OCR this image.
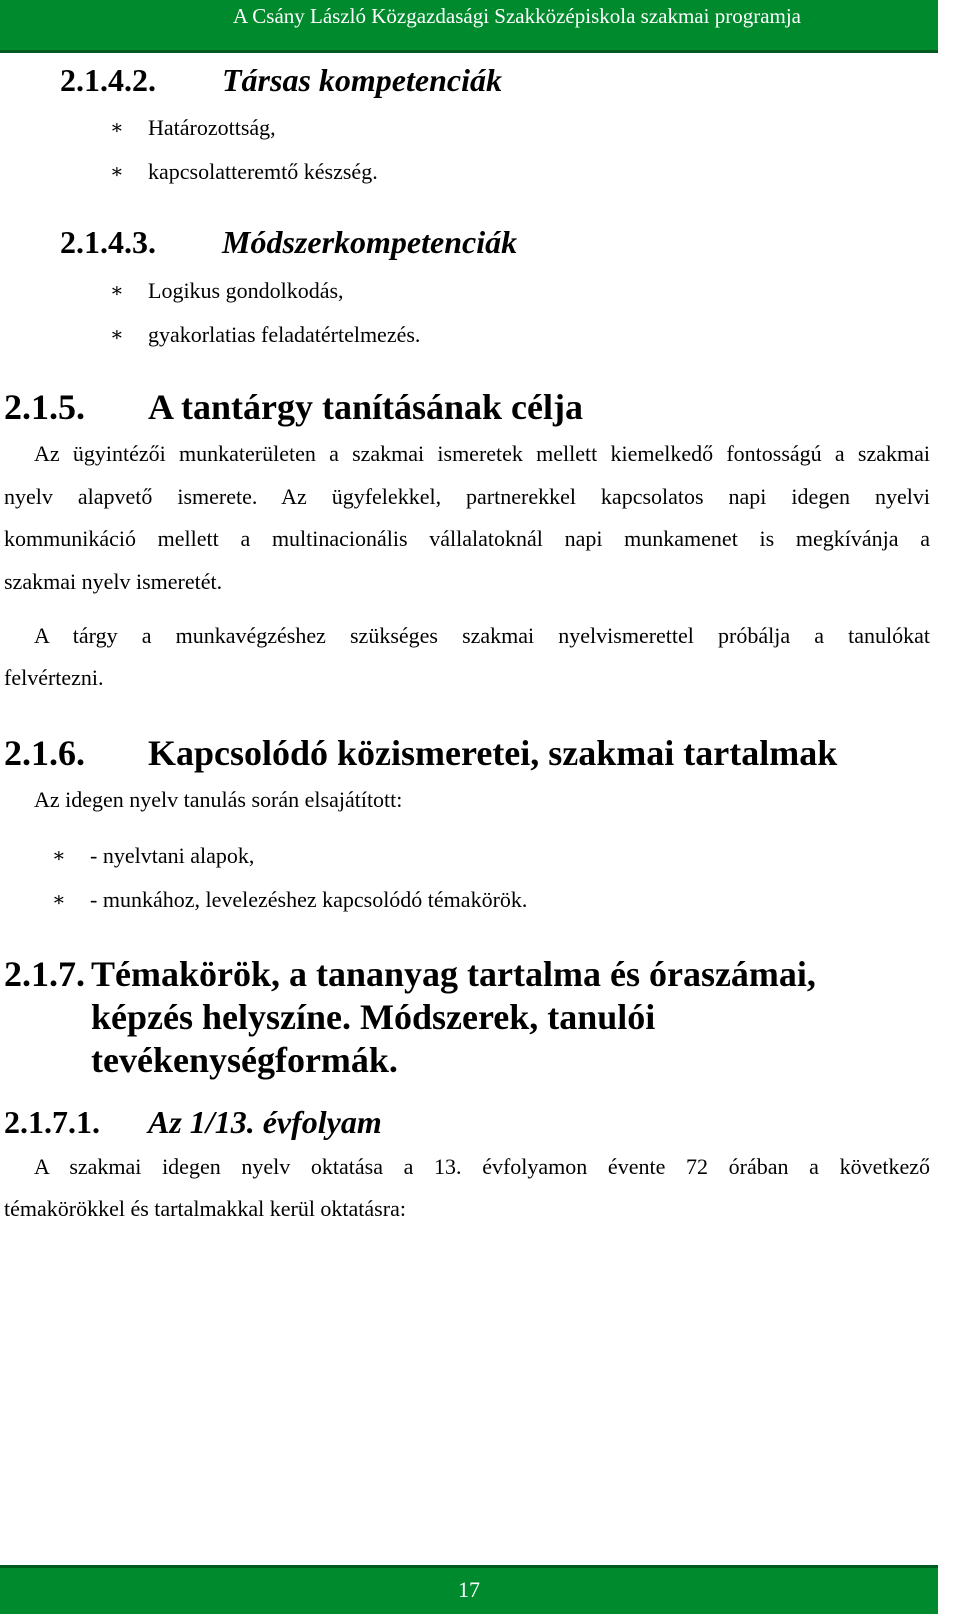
A Csány László Közgazdasági Szakközépiskola szakmai programja
2.1.4.2. Társas kompetenciák
∗ Határozottság,
∗ kapcsolatteremtő készség.
2.1.4.3. Módszerkompetenciák
∗ Logikus gondolkodás,
∗ gyakorlatias feladatértelmezés.
2.1.5. A tantárgy tanításának célja
Az ügyintézői munkaterületen a szakmai ismeretek mellett kiemelkedő fontosságú a szakmai
nyelv alapvető ismerete. Az ügyfelekkel, partnerekkel kapcsolatos napi idegen nyelvi
kommunikáció mellett a multinacionális vállalatoknál napi munkamenet is megkívánja a
szakmai nyelv ismeretét.
A tárgy a munkavégzéshez szükséges szakmai nyelvismerettel próbálja a tanulókat
felvértezni.
2.1.6. Kapcsolódó közismeretei, szakmai tartalmak
Az idegen nyelv tanulás során elsajátított:
∗ - nyelvtani alapok,
∗ - munkához, levelezéshez kapcsolódó témakörök.
2.1.7. Témakörök, a tananyag tartalma és óraszámai,
képzés helyszíne. Módszerek, tanulói
tevékenységformák.
2.1.7.1. Az 1/13. évfolyam
A szakmai idegen nyelv oktatása a 13. évfolyamon évente 72 órában a következő
témakörökkel és tartalmakkal kerül oktatásra:
17
